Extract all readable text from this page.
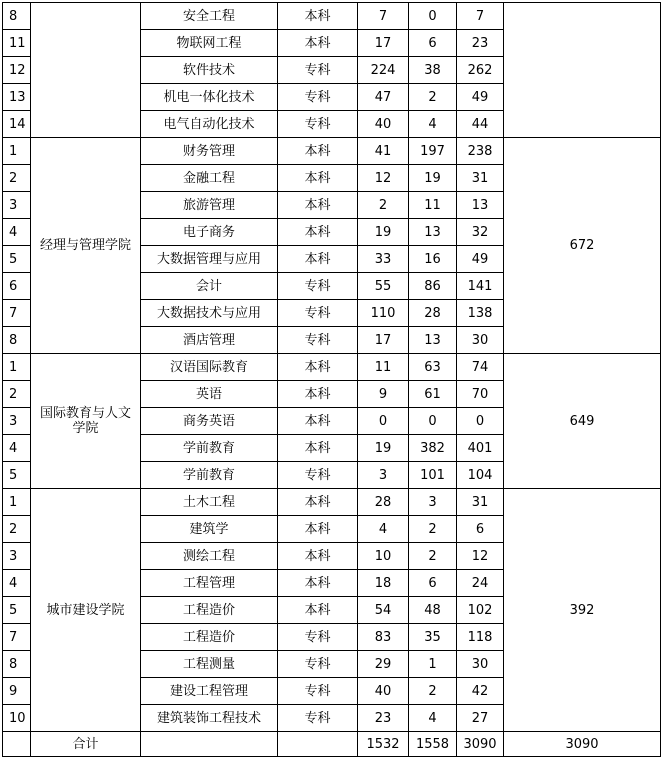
8		安全工程	本科	7	0	7	
11		物联网工程	本科	17	6	23	
12		软件技术	专科	224	38	262	
13		机电一体化技术	专科	47	2	49	
14		电气自动化技术	专科	40	4	44	
1	经理与管理学院	财务管理	本科	41	197	238	672
2		金融工程	本科	12	19	31	
3		旅游管理	本科	2	11	13	
4		电子商务	本科	19	13	32	
5		大数据管理与应用	本科	33	16	49	
6		会计	专科	55	86	141	
7		大数据技术与应用	专科	110	28	138	
8		酒店管理	专科	17	13	30	
1	国际教育与人文学院	汉语国际教育	本科	11	63	74	649
2		英语	本科	9	61	70	
3		商务英语	本科	0	0	0	
4		学前教育	本科	19	382	401	
5		学前教育	专科	3	101	104	
1	城市建设学院	土木工程	本科	28	3	31	392
2		建筑学	本科	4	2	6	
3		测绘工程	本科	10	2	12	
4		工程管理	本科	18	6	24	
5		工程造价	本科	54	48	102	
7		工程造价	专科	83	35	118	
8		工程测量	专科	29	1	30	
9		建设工程管理	专科	40	2	42	
10		建筑装饰工程技术	专科	23	4	27	
	合计			1532	1558	3090	3090
